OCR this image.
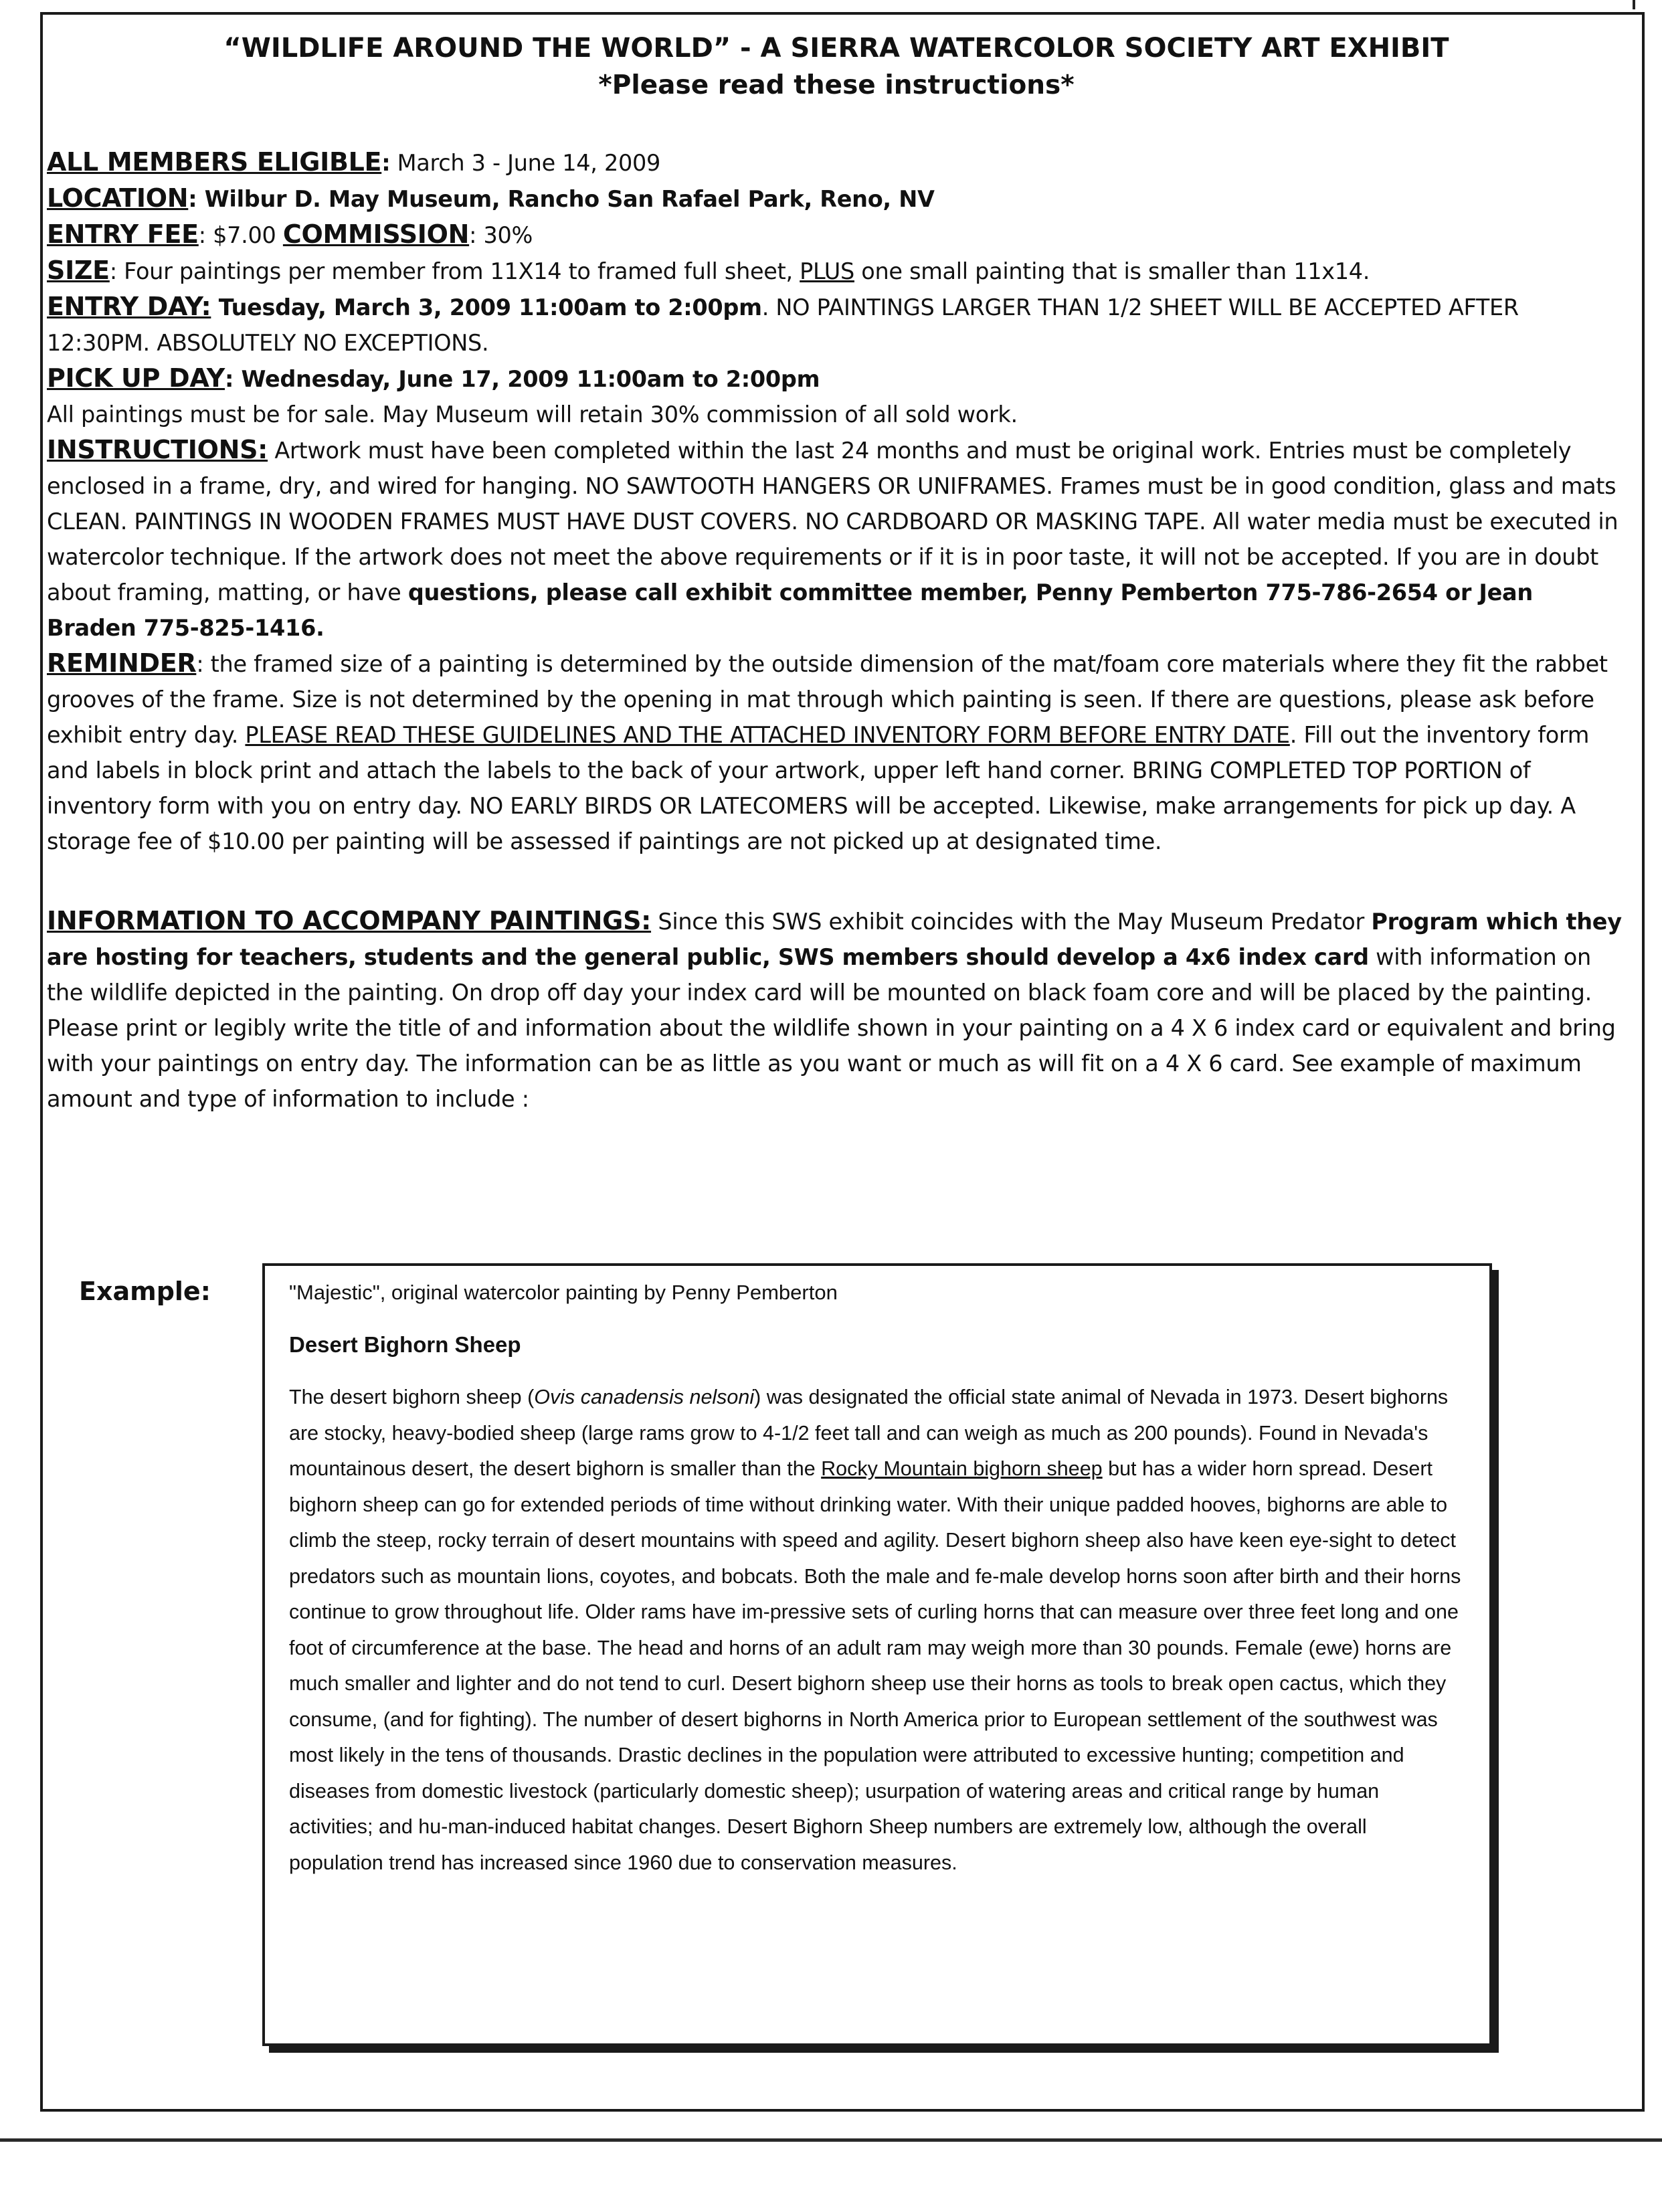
“WILDLIFE AROUND THE WORLD” - A SIERRA WATERCOLOR SOCIETY ART EXHIBIT

*Please read these instructions*

ALL MEMBERS ELIGIBLE: March 3 - June 14, 2009

LOCATION: Wilbur D. May Museum, Rancho San Rafael Park, Reno, NV

ENTRY FEE: $7.00 COMMISSION: 30%

SIZE: Four paintings per member from 11X14 to framed full sheet, PLUS one small painting that is smaller than 11x14.

ENTRY DAY: Tuesday, March 3, 2009 11:00am to 2:00pm. NO PAINTINGS LARGER THAN 1/2 SHEET WILL BE ACCEPTED AFTER 12:30PM. ABSOLUTELY NO EXCEPTIONS.

PICK UP DAY: Wednesday, June 17, 2009 11:00am to 2:00pm

All paintings must be for sale. May Museum will retain 30% commission of all sold work.

INSTRUCTIONS: Artwork must have been completed within the last 24 months and must be original work. Entries must be completely enclosed in a frame, dry, and wired for hanging. NO SAWTOOTH HANGERS OR UNIFRAMES. Frames must be in good condition, glass and mats CLEAN. PAINTINGS IN WOODEN FRAMES MUST HAVE DUST COVERS. NO CARDBOARD OR MASKING TAPE. All water media must be executed in watercolor technique. If the artwork does not meet the above requirements or if it is in poor taste, it will not be accepted. If you are in doubt about framing, matting, or have questions, please call exhibit committee member, Penny Pemberton 775-786-2654 or Jean Braden 775-825-1416.

REMINDER: the framed size of a painting is determined by the outside dimension of the mat/foam core materials where they fit the rabbet grooves of the frame. Size is not determined by the opening in mat through which painting is seen. If there are questions, please ask before exhibit entry day. PLEASE READ THESE GUIDELINES AND THE ATTACHED INVENTORY FORM BEFORE ENTRY DATE. Fill out the inventory form and labels in block print and attach the labels to the back of your artwork, upper left hand corner. BRING COMPLETED TOP PORTION of inventory form with you on entry day. NO EARLY BIRDS OR LATECOMERS will be accepted. Likewise, make arrangements for pick up day. A storage fee of $10.00 per painting will be assessed if paintings are not picked up at designated time.

INFORMATION TO ACCOMPANY PAINTINGS: Since this SWS exhibit coincides with the May Museum Predator Program which they are hosting for teachers, students and the general public, SWS members should develop a 4x6 index card with information on the wildlife depicted in the painting. On drop off day your index card will be mounted on black foam core and will be placed by the painting.

Please print or legibly write the title of and information about the wildlife shown in your painting on a 4 X 6 index card or equivalent and bring with your paintings on entry day. The information can be as little as you want or much as will fit on a 4 X 6 card. See example of maximum amount and type of information to include :

Example:	"Majestic", original watercolor painting by Penny Pemberton

Desert Bighorn Sheep

The desert bighorn sheep (Ovis canadensis nelsoni) was designated the official state animal of Nevada in 1973. Desert bighorns are stocky, heavy-bodied sheep (large rams grow to 4-1/2 feet tall and can weigh as much as 200 pounds). Found in Nevada's mountainous desert, the desert bighorn is smaller than the Rocky Mountain bighorn sheep but has a wider horn spread. Desert bighorn sheep can go for extended periods of time without drinking water. With their unique padded hooves, bighorns are able to climb the steep, rocky terrain of desert mountains with speed and agility. Desert bighorn sheep also have keen eye-sight to detect predators such as mountain lions, coyotes, and bobcats. Both the male and fe-male develop horns soon after birth and their horns continue to grow throughout life. Older rams have im-pressive sets of curling horns that can measure over three feet long and one foot of circumference at the base. The head and horns of an adult ram may weigh more than 30 pounds. Female (ewe) horns are much smaller and lighter and do not tend to curl. Desert bighorn sheep use their horns as tools to break open cactus, which they consume, (and for fighting). The number of desert bighorns in North America prior to European settlement of the southwest was most likely in the tens of thousands. Drastic declines in the population were attributed to excessive hunting; competition and diseases from domestic livestock (particularly domestic sheep); usurpation of watering areas and critical range by human activities; and hu-man-induced habitat changes. Desert Bighorn Sheep numbers are extremely low, although the overall population trend has increased since 1960 due to conservation measures.
